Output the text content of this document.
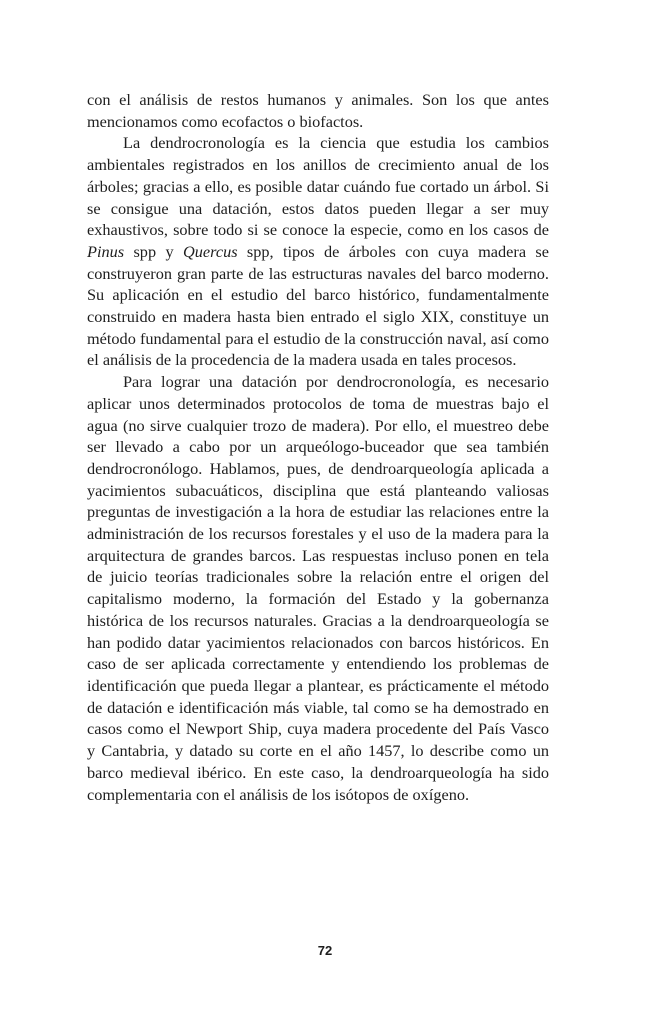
con el análisis de restos humanos y animales. Son los que antes mencionamos como ecofactos o biofactos.

La dendrocronología es la ciencia que estudia los cambios ambientales registrados en los anillos de crecimiento anual de los árboles; gracias a ello, es posible datar cuándo fue cortado un árbol. Si se consigue una datación, estos datos pueden llegar a ser muy exhaustivos, sobre todo si se conoce la especie, como en los casos de Pinus spp y Quercus spp, tipos de árboles con cuya madera se construyeron gran parte de las estructuras navales del barco moderno. Su aplicación en el estudio del barco histórico, fundamentalmente construido en madera hasta bien entrado el siglo XIX, constituye un método fundamental para el estudio de la construcción naval, así como el análisis de la procedencia de la madera usada en tales procesos.

Para lograr una datación por dendrocronología, es necesario aplicar unos determinados protocolos de toma de muestras bajo el agua (no sirve cualquier trozo de madera). Por ello, el muestreo debe ser llevado a cabo por un arqueólogo-buceador que sea también dendrocronólogo. Hablamos, pues, de dendroarqueología aplicada a yacimientos subacuáticos, disciplina que está planteando valiosas preguntas de investigación a la hora de estudiar las relaciones entre la administración de los recursos forestales y el uso de la madera para la arquitectura de grandes barcos. Las respuestas incluso ponen en tela de juicio teorías tradicionales sobre la relación entre el origen del capitalismo moderno, la formación del Estado y la gobernanza histórica de los recursos naturales. Gracias a la dendroarqueología se han podido datar yacimientos relacionados con barcos históricos. En caso de ser aplicada correctamente y entendiendo los problemas de identificación que pueda llegar a plantear, es prácticamente el método de datación e identificación más viable, tal como se ha demostrado en casos como el Newport Ship, cuya madera procedente del País Vasco y Cantabria, y datado su corte en el año 1457, lo describe como un barco medieval ibérico. En este caso, la dendroarqueología ha sido complementaria con el análisis de los isótopos de oxígeno.

72
